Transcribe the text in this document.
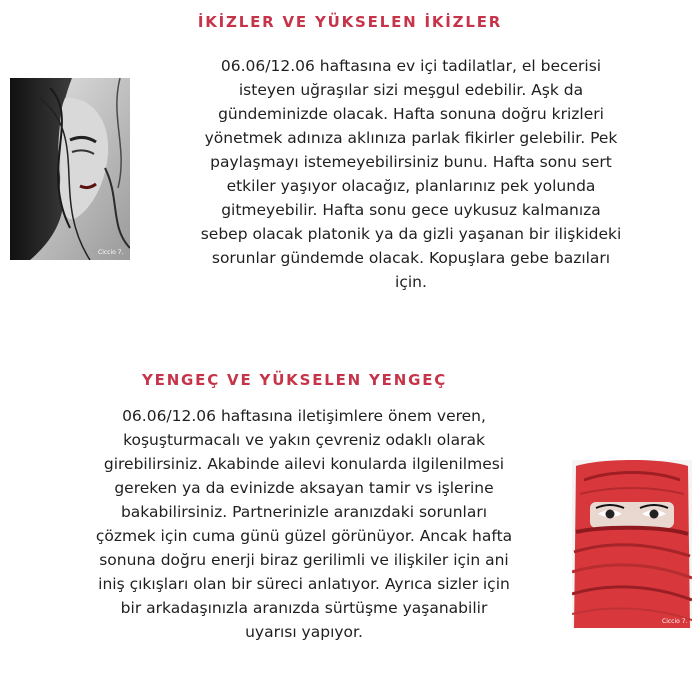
İKİZLER VE YÜKSELEN İKİZLER
Ciccio 7.
06.06/12.06 haftasına ev içi tadilatlar, el becerisi
isteyen uğraşılar sizi meşgul edebilir. Aşk da
gündeminizde olacak. Hafta sonuna doğru krizleri
yönetmek adınıza aklınıza parlak fikirler gelebilir. Pek
paylaşmayı istemeyebilirsiniz bunu. Hafta sonu sert
etkiler yaşıyor olacağız, planlarınız pek yolunda
gitmeyebilir. Hafta sonu gece uykusuz kalmanıza
sebep olacak platonik ya da gizli yaşanan bir ilişkideki
sorunlar gündemde olacak. Kopuşlara gebe bazıları
için.
YENGEÇ VE YÜKSELEN YENGEÇ
06.06/12.06 haftasına iletişimlere önem veren,
koşuşturmacalı ve yakın çevreniz odaklı olarak
girebilirsiniz. Akabinde ailevi konularda ilgilenilmesi
gereken ya da evinizde aksayan tamir vs işlerine
bakabilirsiniz. Partnerinizle aranızdaki sorunları
çözmek için cuma günü güzel görünüyor. Ancak hafta
sonuna doğru enerji biraz gerilimli ve ilişkiler için ani
iniş çıkışları olan bir süreci anlatıyor. Ayrıca sizler için
bir arkadaşınızla aranızda sürtüşme yaşanabilir
uyarısı yapıyor.
Ciccio 7.
